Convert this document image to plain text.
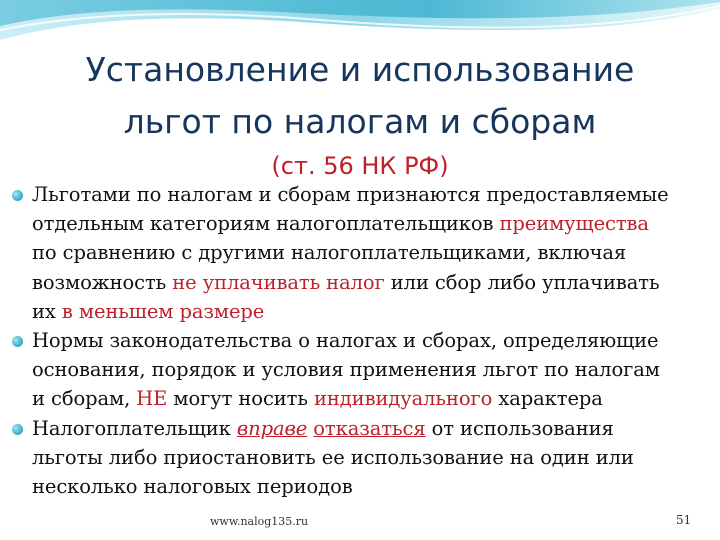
Установление и использование
льгот по налогам и сборам
(ст. 56 НК РФ)
Льготами по налогам и сборам признаются предоставляемые
отдельным категориям налогоплательщиков преимущества
по сравнению с другими налогоплательщиками, включая
возможность не уплачивать налог или сбор либо уплачивать
их в меньшем размере
Нормы законодательства о налогах и сборах, определяющие
основания, порядок и условия применения льгот по налогам
и сборам, НЕ могут носить индивидуального характера
Налогоплательщик вправе отказаться от использования
льготы либо приостановить ее использование на один или
несколько налоговых периодов
www.nalog135.ru	51
